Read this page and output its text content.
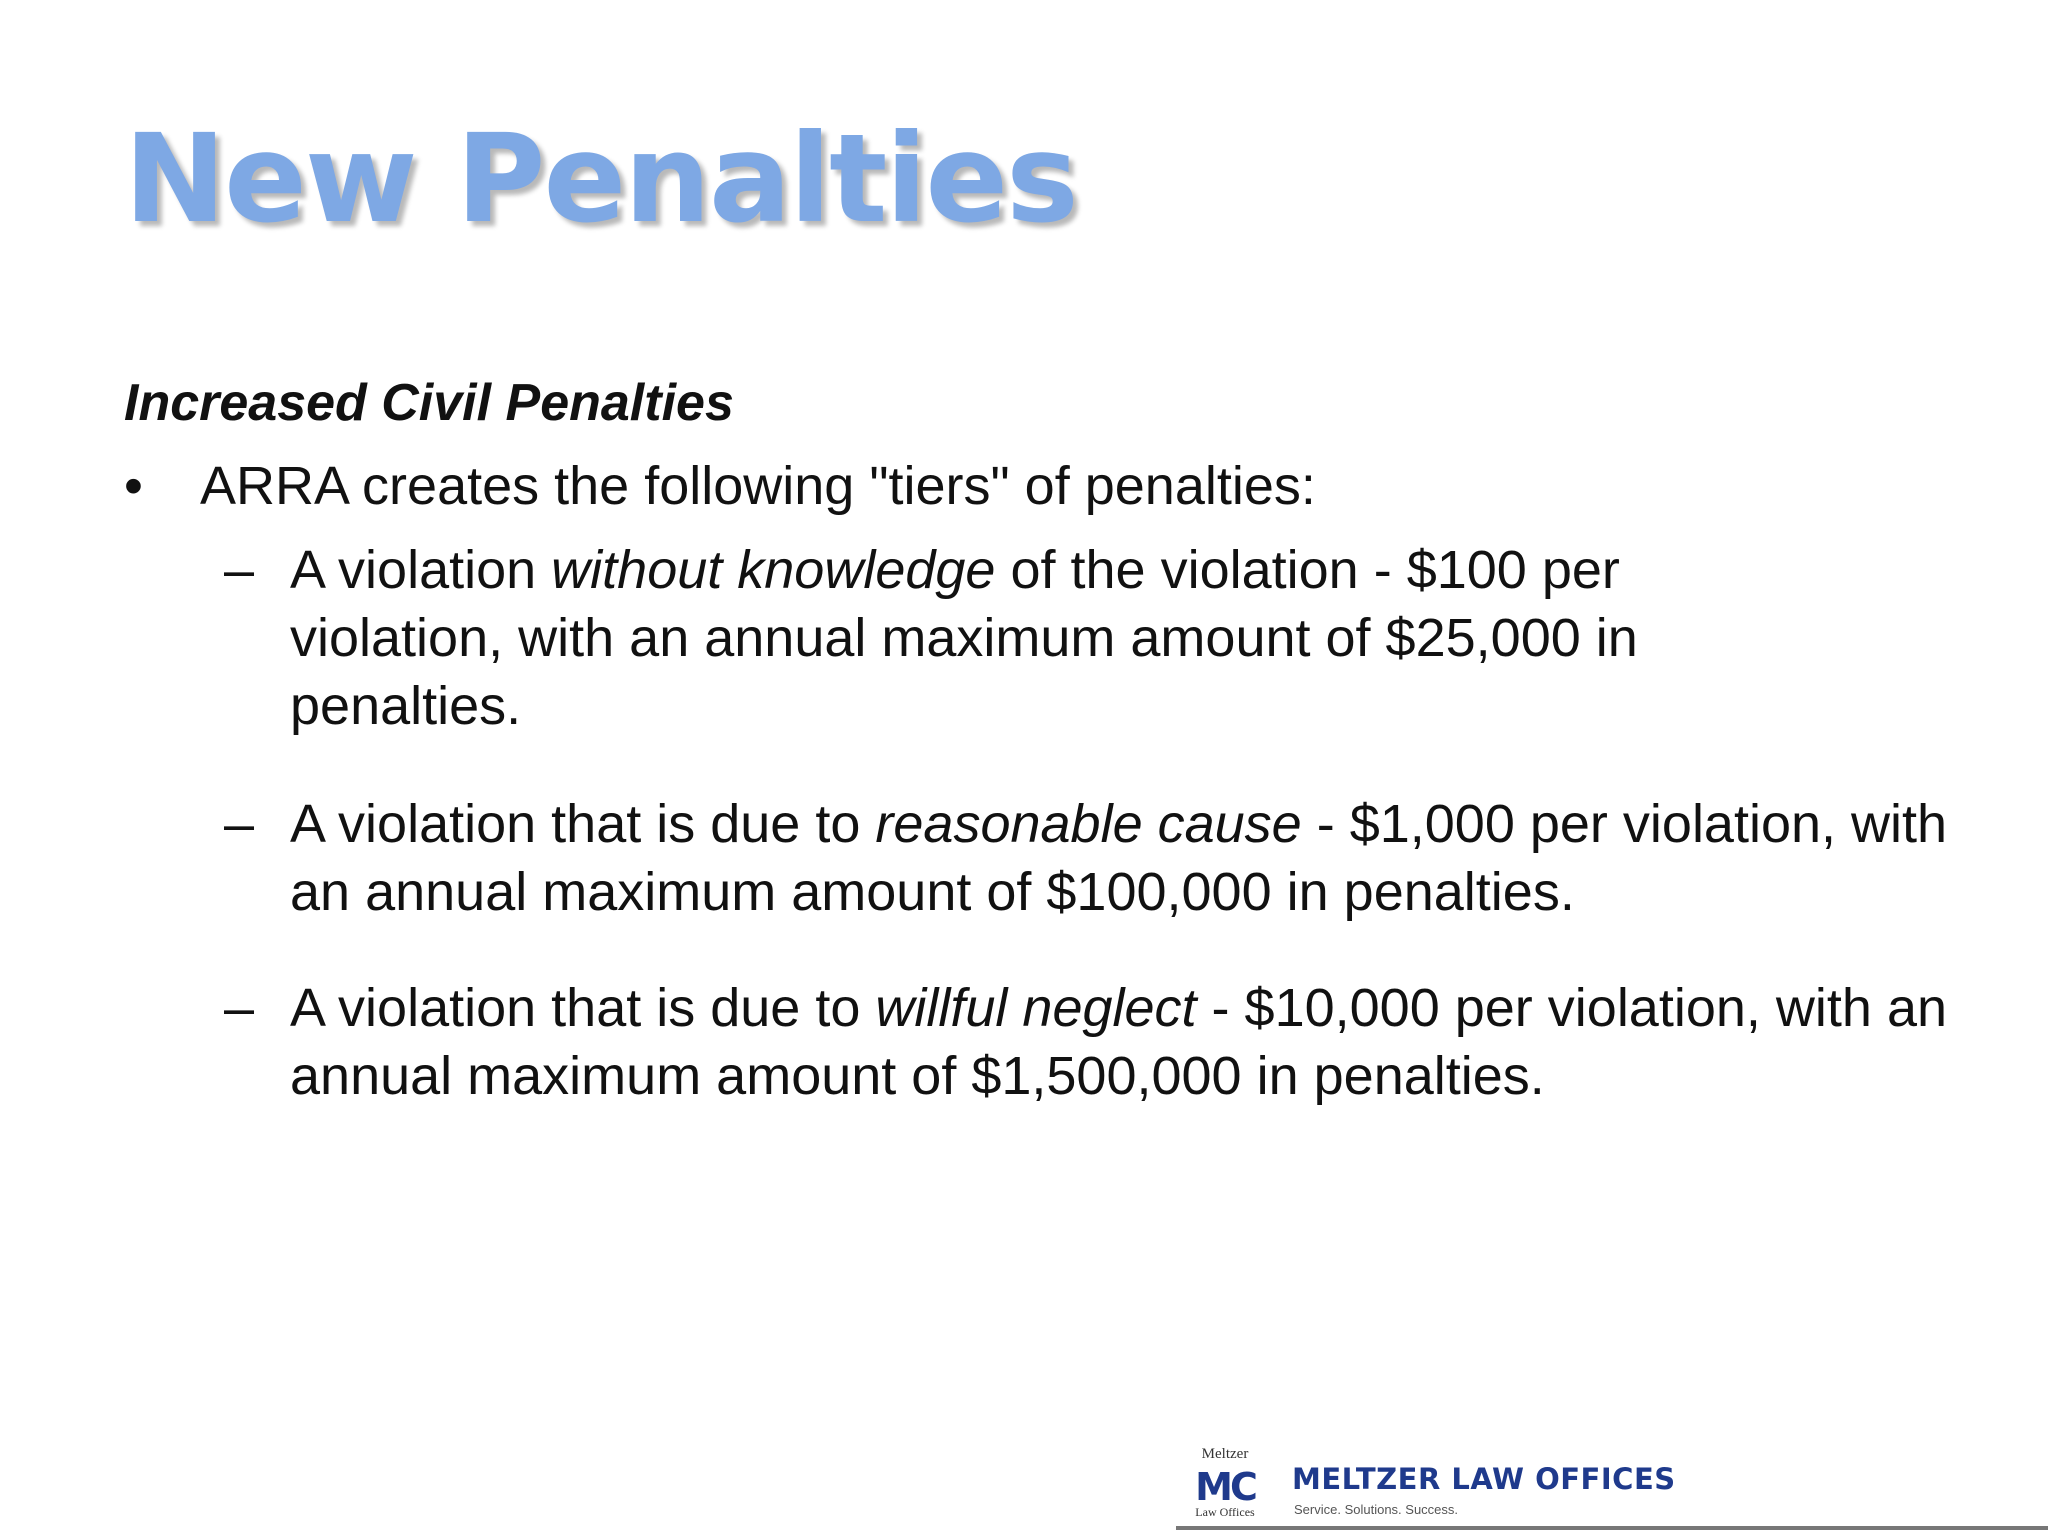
New Penalties
Increased Civil Penalties
•	ARRA creates the following "tiers" of penalties:
– A violation without knowledge of the violation - $100 per violation, with an annual maximum amount of $25,000 in penalties.
– A violation that is due to reasonable cause - $1,000 per violation, with an annual maximum amount of $100,000 in penalties.
– A violation that is due to willful neglect - $10,000 per violation, with an annual maximum amount of $1,500,000 in penalties.
Meltzer
MC
Law Offices
MELTZER LAW OFFICES
Service. Solutions. Success.
